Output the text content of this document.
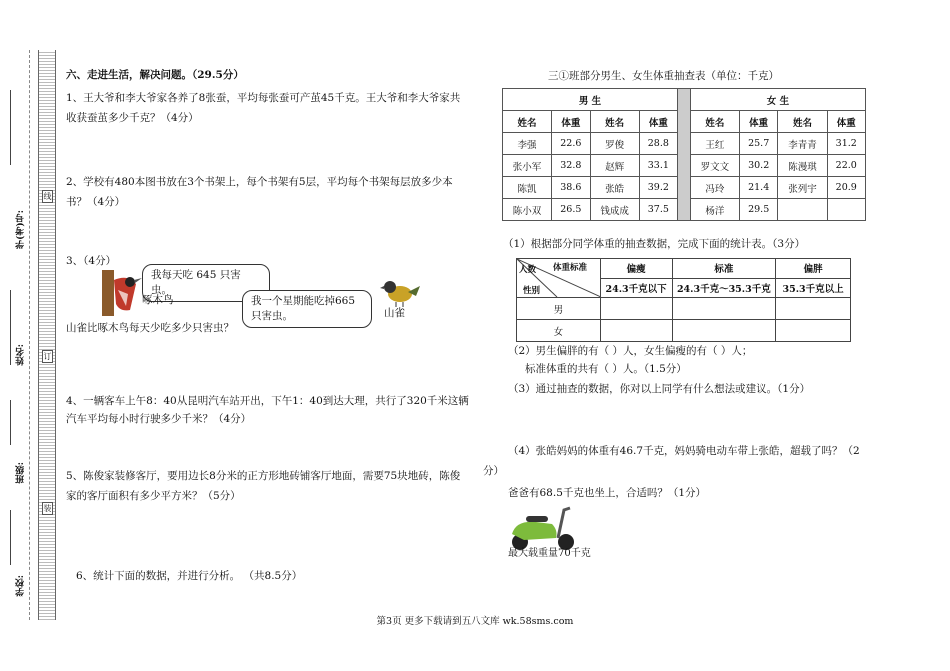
线
订
装
学(考)号:
姓名:
班级:
学校:
六、走进生活，解决问题。（29.5分）
1、王大爷和李大爷家各养了8张蚕，平均每张蚕可产茧45千克。王大爷和李大爷家共收获蚕茧多少千克？（4分）
2、学校有480本图书放在3个书架上，每个书架有5层，平均每个书架每层放多少本书？（4分）
3、（4分）
我每天吃 645 只害虫。
啄木鸟	我一个星期能吃掉665只害虫。	山雀
山雀比啄木鸟每天少吃多少只害虫？
4、一辆客车上午8：40从昆明汽车站开出，下午1：40到达大理，共行了320千米这辆汽车平均每小时行驶多少千米？（4分）
5、陈俊家装修客厅，要用边长8分米的正方形地砖铺客厅地面，需要75块地砖，陈俊家的客厅面积有多少平方米？（5分）
6、统计下面的数据，并进行分析。 （共8.5分）
三①班部分男生、女生体重抽查表（单位：千克）
男 生					女 生			
姓名	体重	姓名	体重		姓名	体重	姓名	体重
李强	22.6	罗俊	28.8		王红	25.7	李青青	31.2
张小军	32.8	赵辉	33.1		罗文文	30.2	陈漫琪	22.0
陈凯	38.6	张皓	39.2		冯玲	21.4	张列宇	20.9
陈小双	26.5	钱成成	37.5		杨洋	29.5		
（1）根据部分同学体重的抽查数据，完成下面的统计表。（3分）
体重标准
人数
性别	偏瘦	标准	偏胖
	24.3千克以下	24.3千克～35.3千克	35.3千克以上
男			
女			
（2）男生偏胖的有（ ）人，女生偏瘦的有（ ）人；
标准体重的共有（ ）人。（1.5分）
（3）通过抽查的数据，你对以上同学有什么想法或建议。（1分）
（4）张皓妈妈的体重有46.7千克，妈妈骑电动车带上张皓，超载了吗？（2
分）
爸爸有68.5千克也坐上，合适吗？（1分）
最大载重量70千克
第3页 更多下载请到五八文库 wk.58sms.com
